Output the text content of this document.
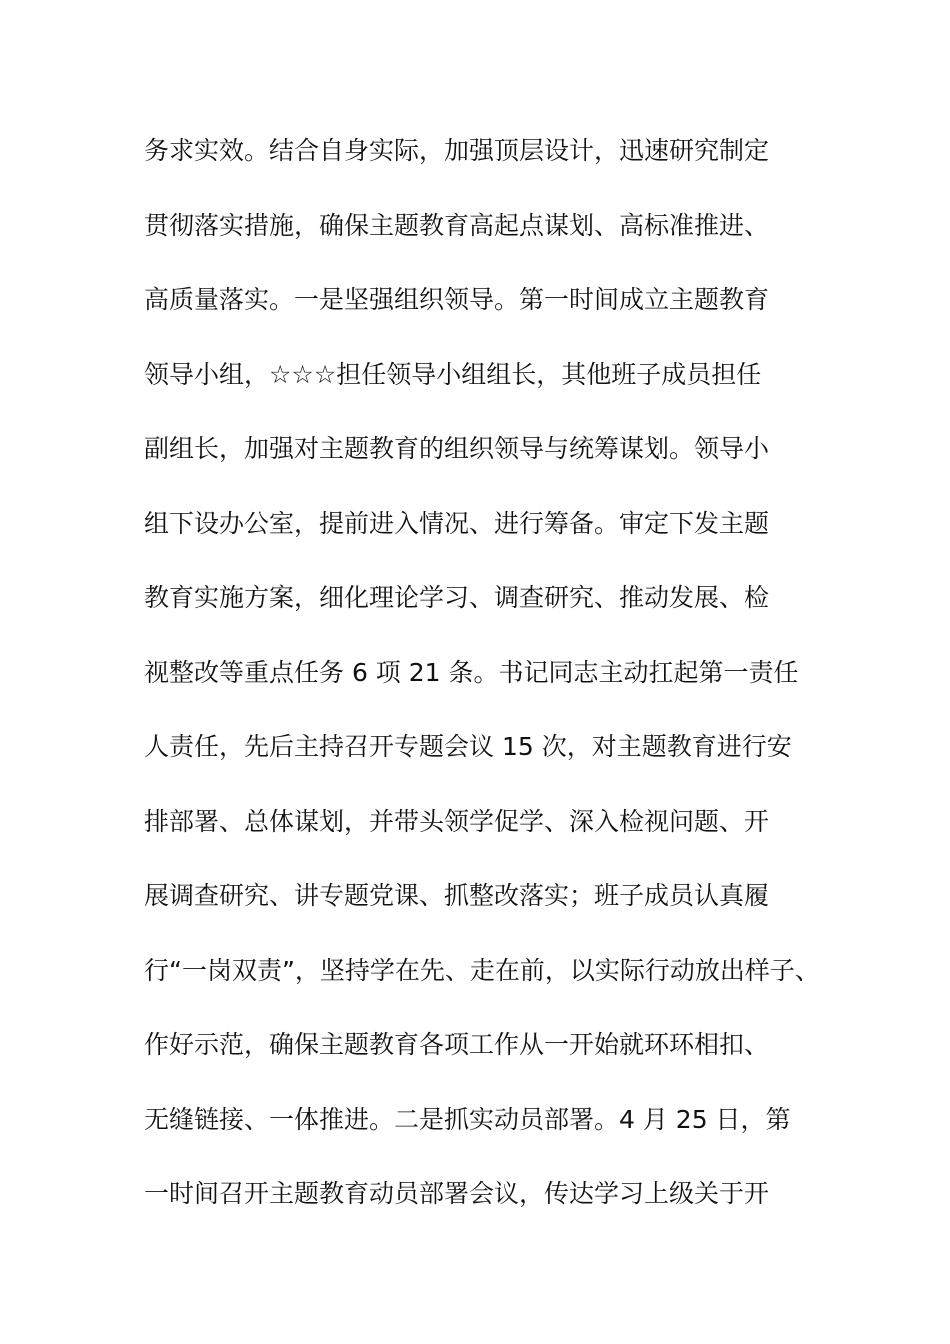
务求实效。结合自身实际，加强顶层设计，迅速研究制定
贯彻落实措施，确保主题教育高起点谋划、高标准推进、
高质量落实。一是坚强组织领导。第一时间成立主题教育
领导小组，☆☆☆担任领导小组组长，其他班子成员担任
副组长，加强对主题教育的组织领导与统筹谋划。领导小
组下设办公室，提前进入情况、进行筹备。审定下发主题
教育实施方案，细化理论学习、调查研究、推动发展、检
视整改等重点任务 6 项 21 条。书记同志主动扛起第一责任
人责任，先后主持召开专题会议 15 次，对主题教育进行安
排部署、总体谋划，并带头领学促学、深入检视问题、开
展调查研究、讲专题党课、抓整改落实；班子成员认真履
行“一岗双责”，坚持学在先、走在前，以实际行动放出样子、
作好示范，确保主题教育各项工作从一开始就环环相扣、
无缝链接、一体推进。二是抓实动员部署。4 月 25 日，第
一时间召开主题教育动员部署会议，传达学习上级关于开
